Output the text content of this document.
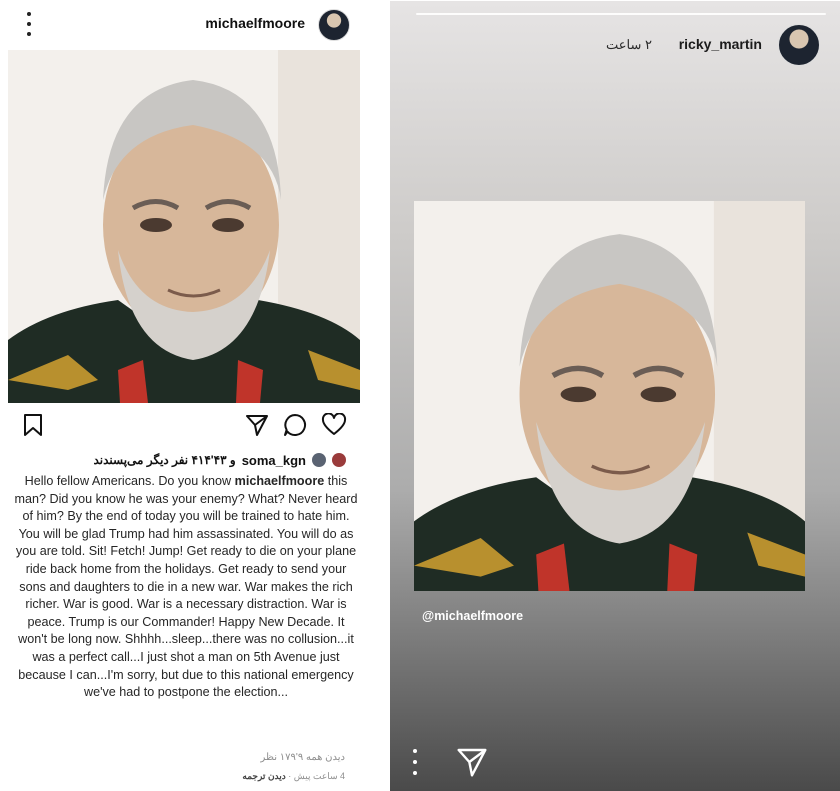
michaelfmoore
soma_kgn
و ۴۳'۴۱۴ نفر دیگر می‌پسندند
Hello fellow Americans. Do you know michaelfmoore this man? Did you know he was your enemy? What? Never heard of him? By the end of today you will be trained to hate him. You will be glad Trump had him assassinated. You will do as you are told. Sit! Fetch! Jump! Get ready to die on your plane ride back home from the holidays. Get ready to send your sons and daughters to die in a new war. War makes the rich richer. War is good. War is a necessary distraction. War is peace. Trump is our Commander! Happy New Decade. It won't be long now. Shhhh...sleep...there was no collusion...it was a perfect call...I just shot a man on 5th Avenue just because I can...I'm sorry, but due to this national emergency we've had to postpone the election...
دیدن همه ۹'۱۷۹ نظر
4 ساعت پیش · دیدن ترجمه
۲ ساعت ricky_martin
@michaelfmoore
